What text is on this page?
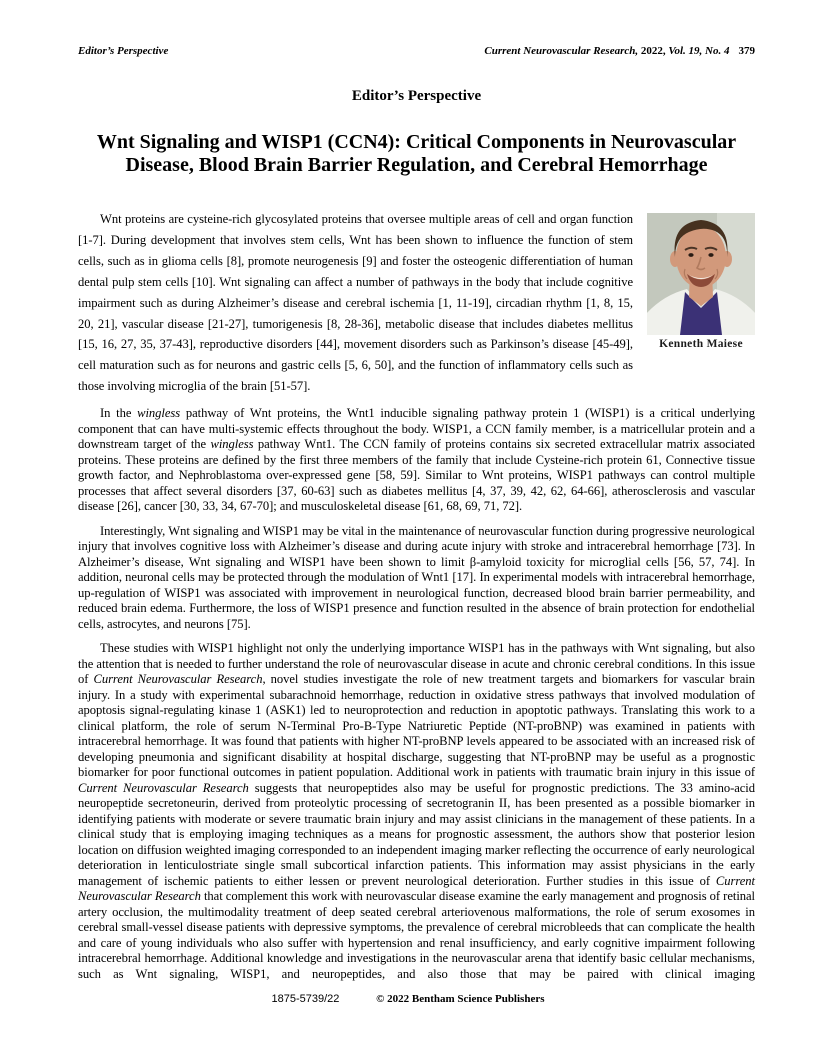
Editor’s Perspective	Current Neurovascular Research, 2022, Vol. 19, No. 4 379
Editor’s Perspective
Wnt Signaling and WISP1 (CCN4): Critical Components in Neurovascular Disease, Blood Brain Barrier Regulation, and Cerebral Hemorrhage
Kenneth Maiese

Wnt proteins are cysteine-rich glycosylated proteins that oversee multiple areas of cell and organ function [1-7]. During development that involves stem cells, Wnt has been shown to influence the function of stem cells, such as in glioma cells [8], promote neurogenesis [9] and foster the osteogenic differentiation of human dental pulp stem cells [10]. Wnt signaling can affect a number of pathways in the body that include cognitive impairment such as during Alzheimer’s disease and cerebral ischemia [1, 11-19], circadian rhythm [1, 8, 15, 20, 21], vascular disease [21-27], tumorigenesis [8, 28-36], metabolic disease that includes diabetes mellitus [15, 16, 27, 35, 37-43], reproductive disorders [44], movement disorders such as Parkinson’s disease [45-49], cell maturation such as for neurons and gastric cells [5, 6, 50], and the function of inflammatory cells such as those involving microglia of the brain [51-57].

In the wingless pathway of Wnt proteins, the Wnt1 inducible signaling pathway protein 1 (WISP1) is a critical underlying component that can have multi-systemic effects throughout the body. WISP1, a CCN family member, is a matricellular protein and a downstream target of the wingless pathway Wnt1. The CCN family of proteins contains six secreted extracellular matrix associated proteins. These proteins are defined by the first three members of the family that include Cysteine-rich protein 61, Connective tissue growth factor, and Nephroblastoma over-expressed gene [58, 59]. Similar to Wnt proteins, WISP1 pathways can control multiple processes that affect several disorders [37, 60-63] such as diabetes mellitus [4, 37, 39, 42, 62, 64-66], atherosclerosis and vascular disease [26], cancer [30, 33, 34, 67-70]; and musculoskeletal disease [61, 68, 69, 71, 72].

Interestingly, Wnt signaling and WISP1 may be vital in the maintenance of neurovascular function during progressive neurological injury that involves cognitive loss with Alzheimer’s disease and during acute injury with stroke and intracerebral hemorrhage [73]. In Alzheimer’s disease, Wnt signaling and WISP1 have been shown to limit β-amyloid toxicity for microglial cells [56, 57, 74]. In addition, neuronal cells may be protected through the modulation of Wnt1 [17]. In experimental models with intracerebral hemorrhage, up-regulation of WISP1 was associated with improvement in neurological function, decreased blood brain barrier permeability, and reduced brain edema. Furthermore, the loss of WISP1 presence and function resulted in the absence of brain protection for endothelial cells, astrocytes, and neurons [75].

These studies with WISP1 highlight not only the underlying importance WISP1 has in the pathways with Wnt signaling, but also the attention that is needed to further understand the role of neurovascular disease in acute and chronic cerebral conditions. In this issue of Current Neurovascular Research, novel studies investigate the role of new treatment targets and biomarkers for vascular brain injury. In a study with experimental subarachnoid hemorrhage, reduction in oxidative stress pathways that involved modulation of apoptosis signal-regulating kinase 1 (ASK1) led to neuroprotection and reduction in apoptotic pathways. Translating this work to a clinical platform, the role of serum N-Terminal Pro-B-Type Natriuretic Peptide (NT-proBNP) was examined in patients with intracerebral hemorrhage. It was found that patients with higher NT-proBNP levels appeared to be associated with an increased risk of developing pneumonia and significant disability at hospital discharge, suggesting that NT-proBNP may be useful as a prognostic biomarker for poor functional outcomes in patient population. Additional work in patients with traumatic brain injury in this issue of Current Neurovascular Research suggests that neuropeptides also may be useful for prognostic predictions. The 33 amino-acid neuropeptide secretoneurin, derived from proteolytic processing of secretogranin II, has been presented as a possible biomarker in identifying patients with moderate or severe traumatic brain injury and may assist clinicians in the management of these patients. In a clinical study that is employing imaging techniques as a means for prognostic assessment, the authors show that posterior lesion location on diffusion weighted imaging corresponded to an independent imaging marker reflecting the occurrence of early neurological deterioration in lenticulostriate single small subcortical infarction patients. This information may assist physicians in the early management of ischemic patients to either lessen or prevent neurological deterioration. Further studies in this issue of Current Neurovascular Research that complement this work with neurovascular disease examine the early management and prognosis of retinal artery occlusion, the multimodality treatment of deep seated cerebral arteriovenous malformations, the role of serum exosomes in cerebral small-vessel disease patients with depressive symptoms, the prevalence of cerebral microbleeds that can complicate the health and care of young individuals who also suffer with hypertension and renal insufficiency, and early cognitive impairment following intracerebral hemorrhage. Additional knowledge and investigations in the neurovascular arena that identify basic cellular mechanisms, such as Wnt signaling, WISP1, and neuropeptides, and also those that may be paired with clinical imaging

1875-5739/22	© 2022 Bentham Science Publishers
